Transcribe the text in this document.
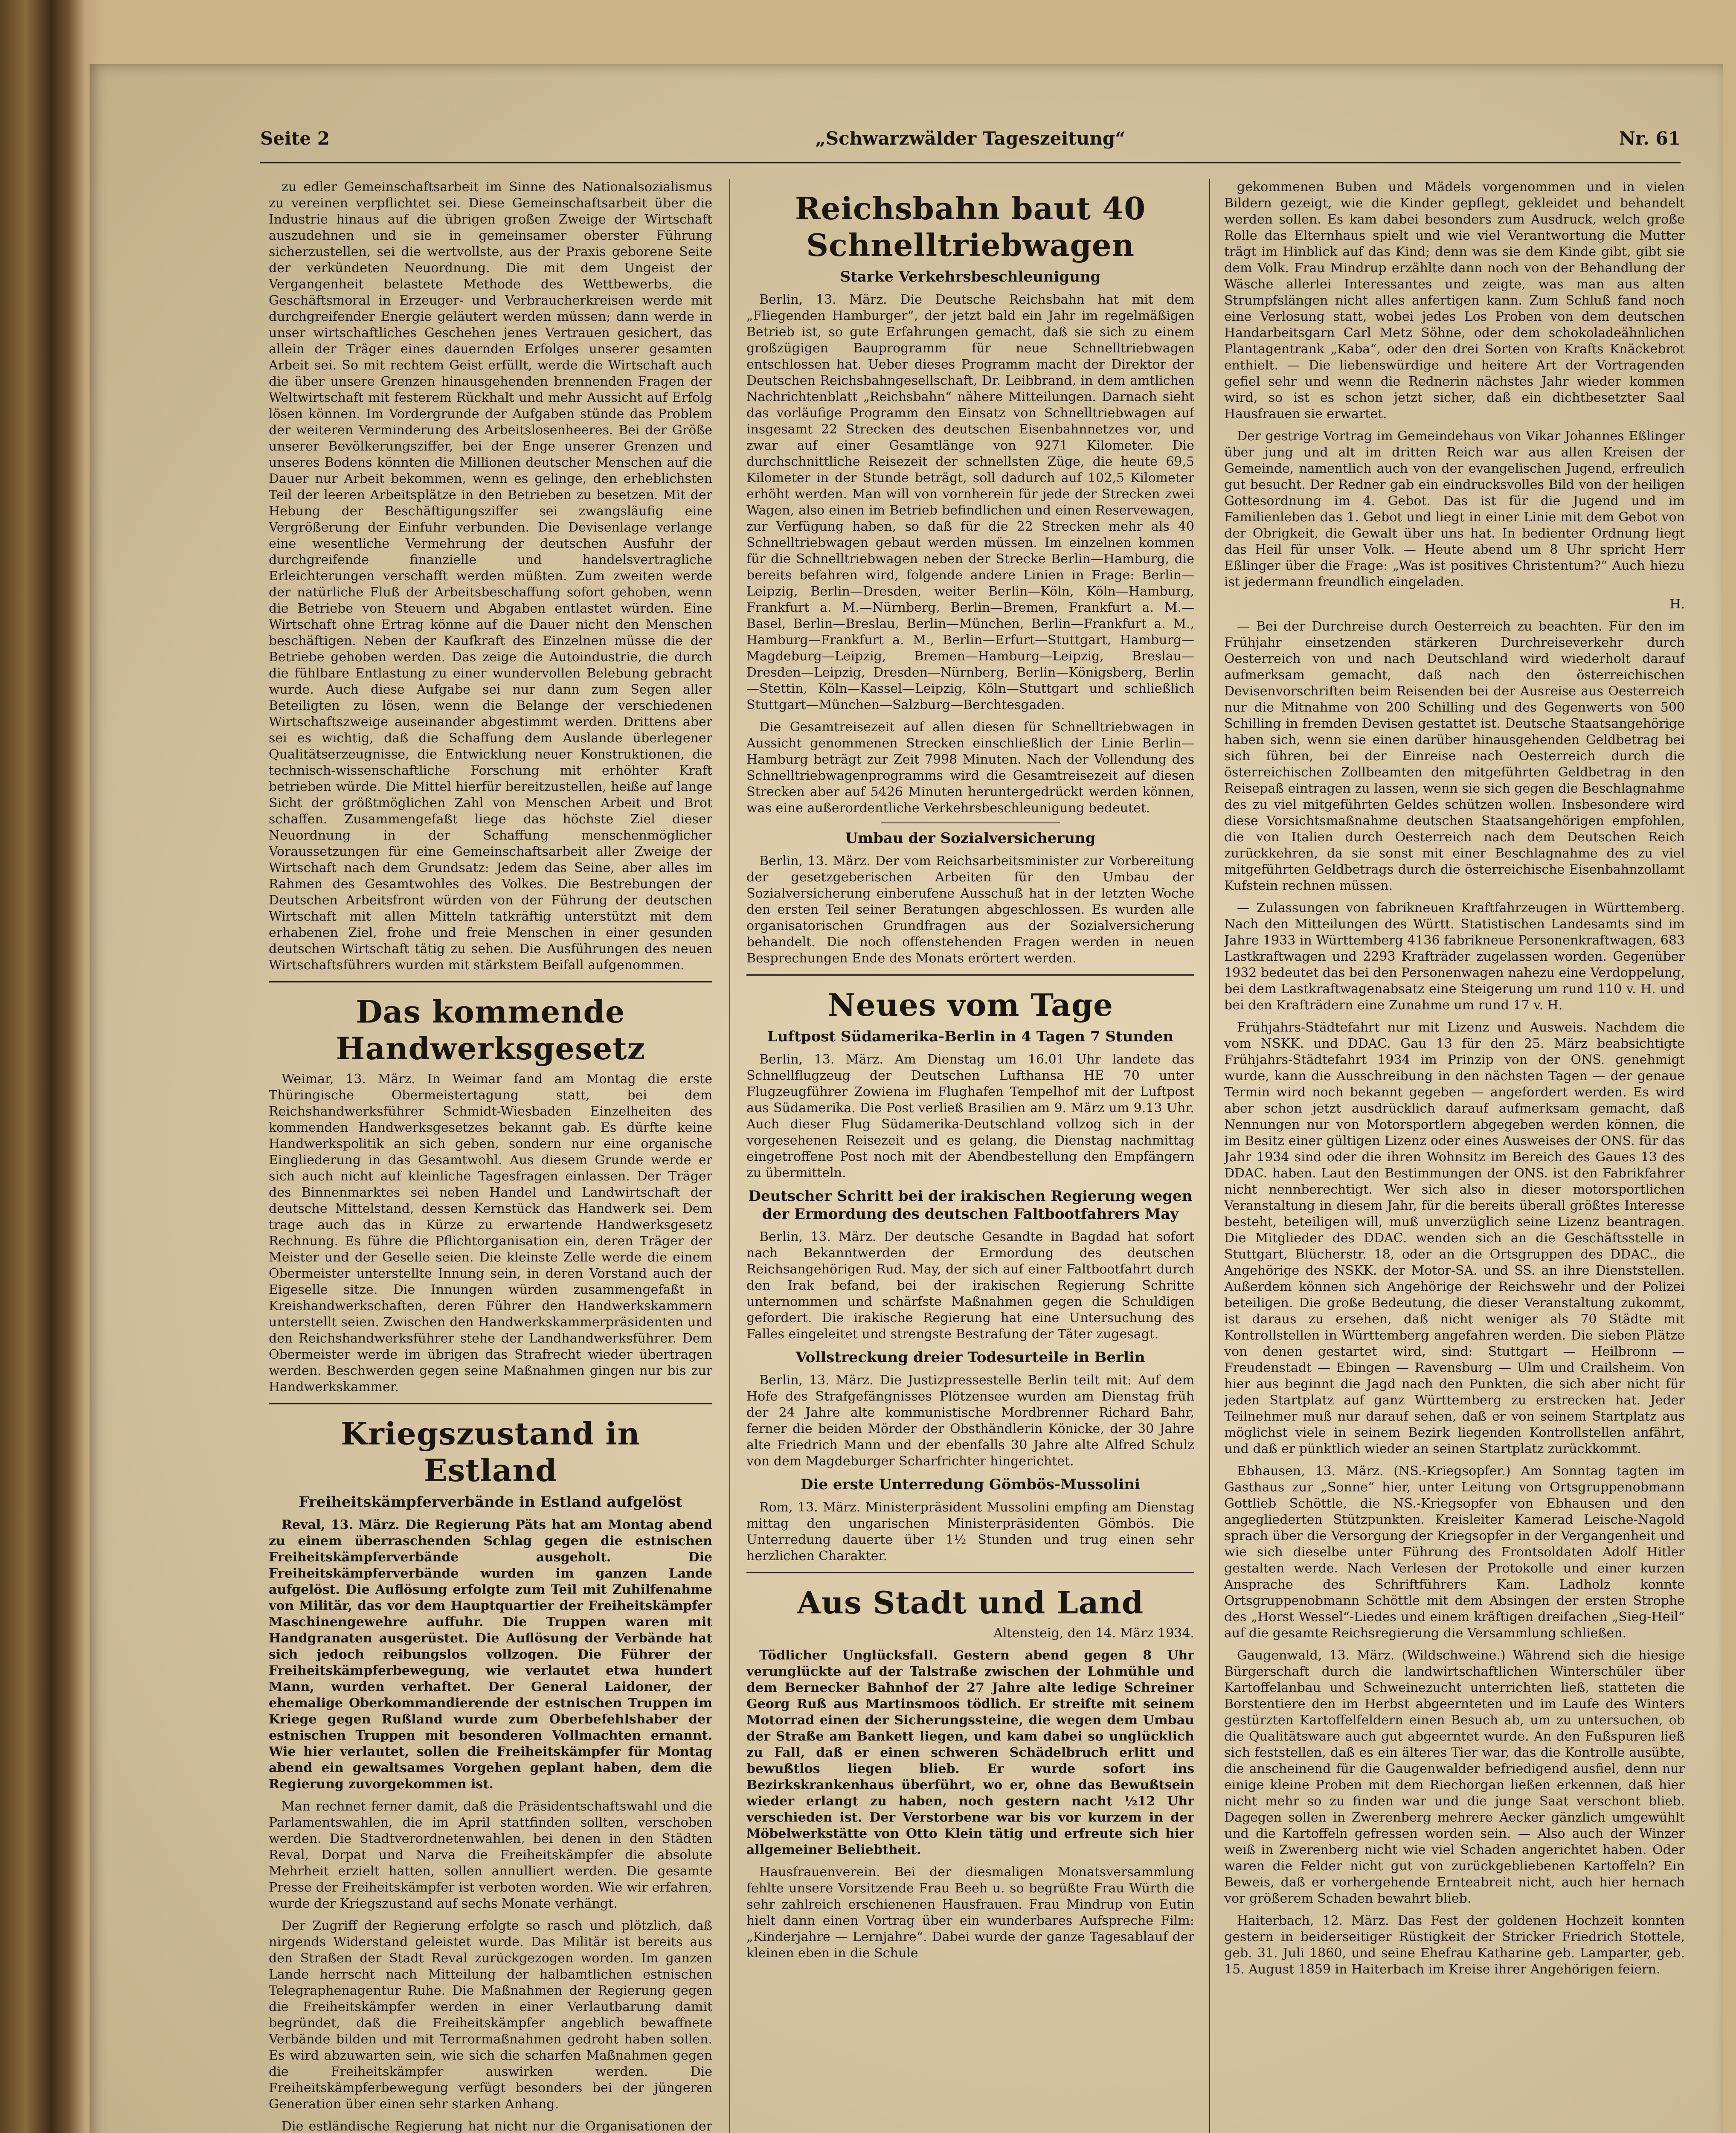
Seite 2	„Schwarzwälder Tageszeitung“	Nr. 61

zu edler Gemeinschaftsarbeit im Sinne des Nationalsozialismus zu vereinen verpflichtet sei. Diese Gemeinschaftsarbeit über die Industrie hinaus auf die übrigen großen Zweige der Wirtschaft auszudehnen und sie in gemeinsamer oberster Führung sicherzustellen, sei die wertvollste, aus der Praxis geborene Seite der verkündeten Neuordnung. Die mit dem Ungeist der Vergangenheit belastete Methode des Wettbewerbs, die Geschäftsmoral in Erzeuger- und Verbraucherkreisen werde mit durchgreifender Energie geläutert werden müssen; dann werde in unser wirtschaftliches Geschehen jenes Vertrauen gesichert, das allein der Träger eines dauernden Erfolges unserer gesamten Arbeit sei. So mit rechtem Geist erfüllt, werde die Wirtschaft auch die über unsere Grenzen hinausgehenden brennenden Fragen der Weltwirtschaft mit festerem Rückhalt und mehr Aussicht auf Erfolg lösen können. Im Vordergrunde der Aufgaben stünde das Problem der weiteren Verminderung des Arbeitslosenheeres. Bei der Größe unserer Bevölkerungsziffer, bei der Enge unserer Grenzen und unseres Bodens könnten die Millionen deutscher Menschen auf die Dauer nur Arbeit bekommen, wenn es gelinge, den erheblichsten Teil der leeren Arbeitsplätze in den Betrieben zu besetzen. Mit der Hebung der Beschäftigungsziffer sei zwangsläufig eine Vergrößerung der Einfuhr verbunden. Die Devisenlage verlange eine wesentliche Vermehrung der deutschen Ausfuhr der durchgreifende finanzielle und handelsvertragliche Erleichterungen verschafft werden müßten. Zum zweiten werde der natürliche Fluß der Arbeitsbeschaffung sofort gehoben, wenn die Betriebe von Steuern und Abgaben entlastet würden. Eine Wirtschaft ohne Ertrag könne auf die Dauer nicht den Menschen beschäftigen. Neben der Kaufkraft des Einzelnen müsse die der Betriebe gehoben werden. Das zeige die Autoindustrie, die durch die fühlbare Entlastung zu einer wundervollen Belebung gebracht wurde. Auch diese Aufgabe sei nur dann zum Segen aller Beteiligten zu lösen, wenn die Belange der verschiedenen Wirtschaftszweige auseinander abgestimmt werden. Drittens aber sei es wichtig, daß die Schaffung dem Auslande überlegener Qualitätserzeugnisse, die Entwicklung neuer Konstruktionen, die technisch-wissenschaftliche Forschung mit erhöhter Kraft betrieben würde. Die Mittel hierfür bereitzustellen, heiße auf lange Sicht der größtmöglichen Zahl von Menschen Arbeit und Brot schaffen. Zusammengefaßt liege das höchste Ziel dieser Neuordnung in der Schaffung menschenmöglicher Voraussetzungen für eine Gemeinschaftsarbeit aller Zweige der Wirtschaft nach dem Grundsatz: Jedem das Seine, aber alles im Rahmen des Gesamtwohles des Volkes. Die Bestrebungen der Deutschen Arbeitsfront würden von der Führung der deutschen Wirtschaft mit allen Mitteln tatkräftig unterstützt mit dem erhabenen Ziel, frohe und freie Menschen in einer gesunden deutschen Wirtschaft tätig zu sehen. Die Ausführungen des neuen Wirtschaftsführers wurden mit stärkstem Beifall aufgenommen.

Das kommende Handwerksgesetz

Weimar, 13. März. In Weimar fand am Montag die erste Thüringische Obermeistertagung statt, bei dem Reichshandwerksführer Schmidt-Wiesbaden Einzelheiten des kommenden Handwerksgesetzes bekannt gab. Es dürfte keine Handwerkspolitik an sich geben, sondern nur eine organische Eingliederung in das Gesamtwohl. Aus diesem Grunde werde er sich auch nicht auf kleinliche Tagesfragen einlassen. Der Träger des Binnenmarktes sei neben Handel und Landwirtschaft der deutsche Mittelstand, dessen Kernstück das Handwerk sei. Dem trage auch das in Kürze zu erwartende Handwerksgesetz Rechnung. Es führe die Pflichtorganisation ein, deren Träger der Meister und der Geselle seien. Die kleinste Zelle werde die einem Obermeister unterstellte Innung sein, in deren Vorstand auch der Eigeselle sitze. Die Innungen würden zusammengefaßt in Kreishandwerkschaften, deren Führer den Handwerkskammern unterstellt seien. Zwischen den Handwerkskammerpräsidenten und den Reichshandwerksführer stehe der Landhandwerksführer. Dem Obermeister werde im übrigen das Strafrecht wieder übertragen werden. Beschwerden gegen seine Maßnahmen gingen nur bis zur Handwerkskammer.

Kriegszustand in Estland
Freiheitskämpferverbände in Estland aufgelöst

Reval, 13. März. Die Regierung Päts hat am Montag abend zu einem überraschenden Schlag gegen die estnischen Freiheitskämpferverbände ausgeholt. Die Freiheitskämpferverbände wurden im ganzen Lande aufgelöst. Die Auflösung erfolgte zum Teil mit Zuhilfenahme von Militär, das vor dem Hauptquartier der Freiheitskämpfer Maschinengewehre auffuhr. Die Truppen waren mit Handgranaten ausgerüstet. Die Auflösung der Verbände hat sich jedoch reibungslos vollzogen. Die Führer der Freiheitskämpferbewegung, wie verlautet etwa hundert Mann, wurden verhaftet. Der General Laidoner, der ehemalige Oberkommandierende der estnischen Truppen im Kriege gegen Rußland wurde zum Oberbefehlshaber der estnischen Truppen mit besonderen Vollmachten ernannt. Wie hier verlautet, sollen die Freiheitskämpfer für Montag abend ein gewaltsames Vorgehen geplant haben, dem die Regierung zuvorgekommen ist.

Man rechnet ferner damit, daß die Präsidentschaftswahl und die Parlamentswahlen, die im April stattfinden sollten, verschoben werden. Die Stadtverordnetenwahlen, bei denen in den Städten Reval, Dorpat und Narva die Freiheitskämpfer die absolute Mehrheit erzielt hatten, sollen annulliert werden. Die gesamte Presse der Freiheitskämpfer ist verboten worden. Wie wir erfahren, wurde der Kriegszustand auf sechs Monate verhängt.

Der Zugriff der Regierung erfolgte so rasch und plötzlich, daß nirgends Widerstand geleistet wurde. Das Militär ist bereits aus den Straßen der Stadt Reval zurückgezogen worden. Im ganzen Lande herrscht nach Mitteilung der halbamtlichen estnischen Telegraphenagentur Ruhe. Die Maßnahmen der Regierung gegen die Freiheitskämpfer werden in einer Verlautbarung damit begründet, daß die Freiheitskämpfer angeblich bewaffnete Verbände bilden und mit Terrormaßnahmen gedroht haben sollen. Es wird abzuwarten sein, wie sich die scharfen Maßnahmen gegen die Freiheitskämpfer auswirken werden. Die Freiheitskämpferbewegung verfügt besonders bei der jüngeren Generation über einen sehr starken Anhang.

Die estländische Regierung hat nicht nur die Organisationen der

Reichsbahn baut 40 Schnelltriebwagen
Starke Verkehrsbeschleunigung

Berlin, 13. März. Die Deutsche Reichsbahn hat mit dem „Fliegenden Hamburger“, der jetzt bald ein Jahr im regelmäßigen Betrieb ist, so gute Erfahrungen gemacht, daß sie sich zu einem großzügigen Bauprogramm für neue Schnelltriebwagen entschlossen hat. Ueber dieses Programm macht der Direktor der Deutschen Reichsbahngesellschaft, Dr. Leibbrand, in dem amtlichen Nachrichtenblatt „Reichsbahn“ nähere Mitteilungen. Darnach sieht das vorläufige Programm den Einsatz von Schnelltriebwagen auf insgesamt 22 Strecken des deutschen Eisenbahnnetzes vor, und zwar auf einer Gesamtlänge von 9271 Kilometer. Die durchschnittliche Reisezeit der schnellsten Züge, die heute 69,5 Kilometer in der Stunde beträgt, soll dadurch auf 102,5 Kilometer erhöht werden. Man will von vornherein für jede der Strecken zwei Wagen, also einen im Betrieb befindlichen und einen Reservewagen, zur Verfügung haben, so daß für die 22 Strecken mehr als 40 Schnelltriebwagen gebaut werden müssen. Im einzelnen kommen für die Schnelltriebwagen neben der Strecke Berlin—Hamburg, die bereits befahren wird, folgende andere Linien in Frage: Berlin—Leipzig, Berlin—Dresden, weiter Berlin—Köln, Köln—Hamburg, Frankfurt a. M.—Nürnberg, Berlin—Bremen, Frankfurt a. M.—Basel, Berlin—Breslau, Berlin—München, Berlin—Frankfurt a. M., Hamburg—Frankfurt a. M., Berlin—Erfurt—Stuttgart, Hamburg—Magdeburg—Leipzig, Bremen—Hamburg—Leipzig, Breslau—Dresden—Leipzig, Dresden—Nürnberg, Berlin—Königsberg, Berlin—Stettin, Köln—Kassel—Leipzig, Köln—Stuttgart und schließlich Stuttgart—München—Salzburg—Berchtesgaden.

Die Gesamtreisezeit auf allen diesen für Schnelltriebwagen in Aussicht genommenen Strecken einschließlich der Linie Berlin—Hamburg beträgt zur Zeit 7998 Minuten. Nach der Vollendung des Schnelltriebwagenprogramms wird die Gesamtreisezeit auf diesen Strecken aber auf 5426 Minuten heruntergedrückt werden können, was eine außerordentliche Verkehrsbeschleunigung bedeutet.

Umbau der Sozialversicherung

Berlin, 13. März. Der vom Reichsarbeitsminister zur Vorbereitung der gesetzgeberischen Arbeiten für den Umbau der Sozialversicherung einberufene Ausschuß hat in der letzten Woche den ersten Teil seiner Beratungen abgeschlossen. Es wurden alle organisatorischen Grundfragen aus der Sozialversicherung behandelt. Die noch offenstehenden Fragen werden in neuen Besprechungen Ende des Monats erörtert werden.

Neues vom Tage
Luftpost Südamerika-Berlin in 4 Tagen 7 Stunden

Berlin, 13. März. Am Dienstag um 16.01 Uhr landete das Schnellflugzeug der Deutschen Lufthansa HE 70 unter Flugzeugführer Zowiena im Flughafen Tempelhof mit der Luftpost aus Südamerika. Die Post verließ Brasilien am 9. März um 9.13 Uhr. Auch dieser Flug Südamerika-Deutschland vollzog sich in der vorgesehenen Reisezeit und es gelang, die Dienstag nachmittag eingetroffene Post noch mit der Abendbestellung den Empfängern zu übermitteln.

Deutscher Schritt bei der irakischen Regierung wegen der Ermordung des deutschen Faltbootfahrers May

Berlin, 13. März. Der deutsche Gesandte in Bagdad hat sofort nach Bekanntwerden der Ermordung des deutschen Reichsangehörigen Rud. May, der sich auf einer Faltbootfahrt durch den Irak befand, bei der irakischen Regierung Schritte unternommen und schärfste Maßnahmen gegen die Schuldigen gefordert. Die irakische Regierung hat eine Untersuchung des Falles eingeleitet und strengste Bestrafung der Täter zugesagt.

Vollstreckung dreier Todesurteile in Berlin

Berlin, 13. März. Die Justizpressestelle Berlin teilt mit: Auf dem Hofe des Strafgefängnisses Plötzensee wurden am Dienstag früh der 24 Jahre alte kommunistische Mordbrenner Richard Bahr, ferner die beiden Mörder der Obsthändlerin Könicke, der 30 Jahre alte Friedrich Mann und der ebenfalls 30 Jahre alte Alfred Schulz von dem Magdeburger Scharfrichter hingerichtet.

Die erste Unterredung Gömbös-Mussolini

Rom, 13. März. Ministerpräsident Mussolini empfing am Dienstag mittag den ungarischen Ministerpräsidenten Gömbös. Die Unterredung dauerte über 1½ Stunden und trug einen sehr herzlichen Charakter.

Aus Stadt und Land

Altensteig, den 14. März 1934.

Tödlicher Unglücksfall. Gestern abend gegen 8 Uhr verunglückte auf der Talstraße zwischen der Lohmühle und dem Bernecker Bahnhof der 27 Jahre alte ledige Schreiner Georg Ruß aus Martinsmoos tödlich. Er streifte mit seinem Motorrad einen der Sicherungssteine, die wegen dem Umbau der Straße am Bankett liegen, und kam dabei so unglücklich zu Fall, daß er einen schweren Schädelbruch erlitt und bewußtlos liegen blieb. Er wurde sofort ins Bezirkskrankenhaus überführt, wo er, ohne das Bewußtsein wieder erlangt zu haben, noch gestern nacht ½12 Uhr verschieden ist. Der Verstorbene war bis vor kurzem in der Möbelwerkstätte von Otto Klein tätig und erfreute sich hier allgemeiner Beliebtheit.

Hausfrauenverein. Bei der diesmaligen Monatsversammlung fehlte unsere Vorsitzende Frau Beeh u. so begrüßte Frau Würth die sehr zahlreich erschienenen Hausfrauen. Frau Mindrup von Eutin hielt dann einen Vortrag über ein wunderbares Aufspreche Film: „Kinderjahre — Lernjahre“. Dabei wurde der ganze Tagesablauf der kleinen eben in die Schule

gekommenen Buben und Mädels vorgenommen und in vielen Bildern gezeigt, wie die Kinder gepflegt, gekleidet und behandelt werden sollen. Es kam dabei besonders zum Ausdruck, welch große Rolle das Elternhaus spielt und wie viel Verantwortung die Mutter trägt im Hinblick auf das Kind; denn was sie dem Kinde gibt, gibt sie dem Volk. Frau Mindrup erzählte dann noch von der Behandlung der Wäsche allerlei Interessantes und zeigte, was man aus alten Strumpfslängen nicht alles anfertigen kann. Zum Schluß fand noch eine Verlosung statt, wobei jedes Los Proben von dem deutschen Handarbeitsgarn Carl Metz Söhne, oder dem schokoladeähnlichen Plantagentrank „Kaba“, oder den drei Sorten von Krafts Knäckebrot enthielt. — Die liebenswürdige und heitere Art der Vortragenden gefiel sehr und wenn die Rednerin nächstes Jahr wieder kommen wird, so ist es schon jetzt sicher, daß ein dichtbesetzter Saal Hausfrauen sie erwartet.

Der gestrige Vortrag im Gemeindehaus von Vikar Johannes Eßlinger über jung und alt im dritten Reich war aus allen Kreisen der Gemeinde, namentlich auch von der evangelischen Jugend, erfreulich gut besucht. Der Redner gab ein eindrucksvolles Bild von der heiligen Gottesordnung im 4. Gebot. Das ist für die Jugend und im Familienleben das 1. Gebot und liegt in einer Linie mit dem Gebot von der Obrigkeit, die Gewalt über uns hat. In bedienter Ordnung liegt das Heil für unser Volk. — Heute abend um 8 Uhr spricht Herr Eßlinger über die Frage: „Was ist positives Christentum?“ Auch hiezu ist jedermann freundlich eingeladen.

H.

— Bei der Durchreise durch Oesterreich zu beachten. Für den im Frühjahr einsetzenden stärkeren Durchreiseverkehr durch Oesterreich von und nach Deutschland wird wiederholt darauf aufmerksam gemacht, daß nach den österreichischen Devisenvorschriften beim Reisenden bei der Ausreise aus Oesterreich nur die Mitnahme von 200 Schilling und des Gegenwerts von 500 Schilling in fremden Devisen gestattet ist. Deutsche Staatsangehörige haben sich, wenn sie einen darüber hinausgehenden Geldbetrag bei sich führen, bei der Einreise nach Oesterreich durch die österreichischen Zollbeamten den mitgeführten Geldbetrag in den Reisepaß eintragen zu lassen, wenn sie sich gegen die Beschlagnahme des zu viel mitgeführten Geldes schützen wollen. Insbesondere wird diese Vorsichtsmaßnahme deutschen Staatsangehörigen empfohlen, die von Italien durch Oesterreich nach dem Deutschen Reich zurückkehren, da sie sonst mit einer Beschlagnahme des zu viel mitgeführten Geldbetrags durch die österreichische Eisenbahnzollamt Kufstein rechnen müssen.

— Zulassungen von fabrikneuen Kraftfahrzeugen in Württemberg. Nach den Mitteilungen des Württ. Statistischen Landesamts sind im Jahre 1933 in Württemberg 4136 fabrikneue Personenkraftwagen, 683 Lastkraftwagen und 2293 Krafträder zugelassen worden. Gegenüber 1932 bedeutet das bei den Personenwagen nahezu eine Verdoppelung, bei dem Lastkraftwagenabsatz eine Steigerung um rund 110 v. H. und bei den Krafträdern eine Zunahme um rund 17 v. H.

Frühjahrs-Städtefahrt nur mit Lizenz und Ausweis. Nachdem die vom NSKK. und DDAC. Gau 13 für den 25. März beabsichtigte Frühjahrs-Städtefahrt 1934 im Prinzip von der ONS. genehmigt wurde, kann die Ausschreibung in den nächsten Tagen — der genaue Termin wird noch bekannt gegeben — angefordert werden. Es wird aber schon jetzt ausdrücklich darauf aufmerksam gemacht, daß Nennungen nur von Motorsportlern abgegeben werden können, die im Besitz einer gültigen Lizenz oder eines Ausweises der ONS. für das Jahr 1934 sind oder die ihren Wohnsitz im Bereich des Gaues 13 des DDAC. haben. Laut den Bestimmungen der ONS. ist den Fabrikfahrer nicht nennberechtigt. Wer sich also in dieser motorsportlichen Veranstaltung in diesem Jahr, für die bereits überall größtes Interesse besteht, beteiligen will, muß unverzüglich seine Lizenz beantragen. Die Mitglieder des DDAC. wenden sich an die Geschäftsstelle in Stuttgart, Blücherstr. 18, oder an die Ortsgruppen des DDAC., die Angehörige des NSKK. der Motor-SA. und SS. an ihre Dienststellen. Außerdem können sich Angehörige der Reichswehr und der Polizei beteiligen. Die große Bedeutung, die dieser Veranstaltung zukommt, ist daraus zu ersehen, daß nicht weniger als 70 Städte mit Kontrollstellen in Württemberg angefahren werden. Die sieben Plätze von denen gestartet wird, sind: Stuttgart — Heilbronn — Freudenstadt — Ebingen — Ravensburg — Ulm und Crailsheim. Von hier aus beginnt die Jagd nach den Punkten, die sich aber nicht für jeden Startplatz auf ganz Württemberg zu erstrecken hat. Jeder Teilnehmer muß nur darauf sehen, daß er von seinem Startplatz aus möglichst viele in seinem Bezirk liegenden Kontrollstellen anfährt, und daß er pünktlich wieder an seinen Startplatz zurückkommt.

Ebhausen, 13. März. (NS.-Kriegsopfer.) Am Sonntag tagten im Gasthaus zur „Sonne“ hier, unter Leitung von Ortsgruppenobmann Gottlieb Schöttle, die NS.-Kriegsopfer von Ebhausen und den angegliederten Stützpunkten. Kreisleiter Kamerad Leische-Nagold sprach über die Versorgung der Kriegsopfer in der Vergangenheit und wie sich dieselbe unter Führung des Frontsoldaten Adolf Hitler gestalten werde. Nach Verlesen der Protokolle und einer kurzen Ansprache des Schriftführers Kam. Ladholz konnte Ortsgruppenobmann Schöttle mit dem Absingen der ersten Strophe des „Horst Wessel“-Liedes und einem kräftigen dreifachen „Sieg-Heil“ auf die gesamte Reichsregierung die Versammlung schließen.

Gaugenwald, 13. März. (Wildschweine.) Während sich die hiesige Bürgerschaft durch die landwirtschaftlichen Winterschüler über Kartoffelanbau und Schweinezucht unterrichten ließ, statteten die Borstentiere den im Herbst abgeernteten und im Laufe des Winters gestürzten Kartoffelfeldern einen Besuch ab, um zu untersuchen, ob die Qualitätsware auch gut abgeerntet wurde. An den Fußspuren ließ sich feststellen, daß es ein älteres Tier war, das die Kontrolle ausübte, die anscheinend für die Gaugenwalder befriedigend ausfiel, denn nur einige kleine Proben mit dem Riechorgan ließen erkennen, daß hier nicht mehr so zu finden war und die junge Saat verschont blieb. Dagegen sollen in Zwerenberg mehrere Aecker gänzlich umgewühlt und die Kartoffeln gefressen worden sein. — Also auch der Winzer weiß in Zwerenberg nicht wie viel Schaden angerichtet haben. Oder waren die Felder nicht gut von zurückgebliebenen Kartoffeln? Ein Beweis, daß er vorhergehende Ernteabreit nicht, auch hier hernach vor größerem Schaden bewahrt blieb.

Haiterbach, 12. März. Das Fest der goldenen Hochzeit konnten gestern in beiderseitiger Rüstigkeit der Stricker Friedrich Stottele, geb. 31. Juli 1860, und seine Ehefrau Katharine geb. Lamparter, geb. 15. August 1859 in Haiterbach im Kreise ihrer Angehörigen feiern.
